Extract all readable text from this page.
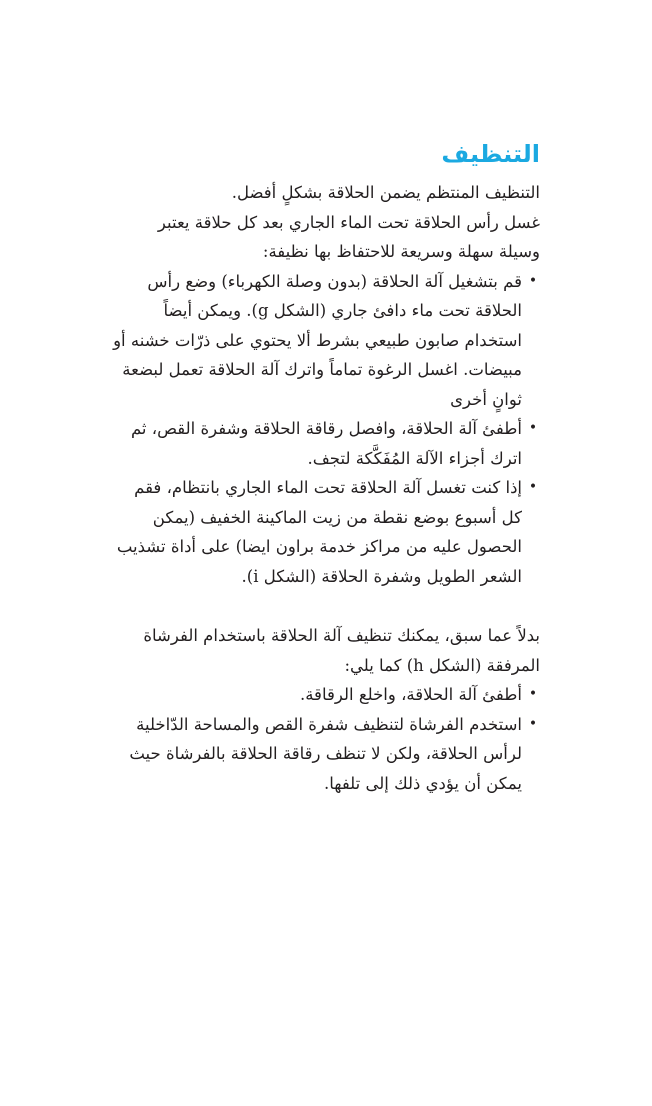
التنظيف

التنظيف المنتظم يضمن الحلاقة بشكلٍ أفضل.

غسل رأس الحلاقة تحت الماء الجاري بعد كل حلاقة يعتبر وسيلة سهلة وسريعة للاحتفاظ بها نظيفة:

•
قم بتشغيل آلة الحلاقة (بدون وصلة الكهرباء) وضع رأس الحلاقة تحت ماء دافئ جاري (الشكل g). ويمكن أيضاً استخدام صابون طبيعي بشرط ألا يحتوي على ذرّات خشنه أو مبيضات. اغسل الرغوة تماماً واترك آلة الحلاقة تعمل لبضعة ثوانٍ أخرى
•
أطفئ آلة الحلاقة، وافصل رقاقة الحلاقة وشفرة القص، ثم اترك أجزاء الآلة المُفَكَّكة لتجف.
•
إذا كنت تغسل آلة الحلاقة تحت الماء الجاري بانتظام، فقم كل أسبوع بوضع نقطة من زيت الماكينة الخفيف (يمكن الحصول عليه من مراكز خدمة براون ايضا) على أداة تشذيب الشعر الطويل وشفرة الحلاقة (الشكل i).

بدلاً عما سبق، يمكنك تنظيف آلة الحلاقة باستخدام الفرشاة المرفقة (الشكل h) كما يلي:

•
أطفئ آلة الحلاقة، واخلع الرقاقة.
•
استخدم الفرشاة لتنظيف شفرة القص والمساحة الدّاخلية لرأس الحلاقة، ولكن لا تنظف رقاقة الحلاقة بالفرشاة حيث يمكن أن يؤدي ذلك إلى تلفها.
